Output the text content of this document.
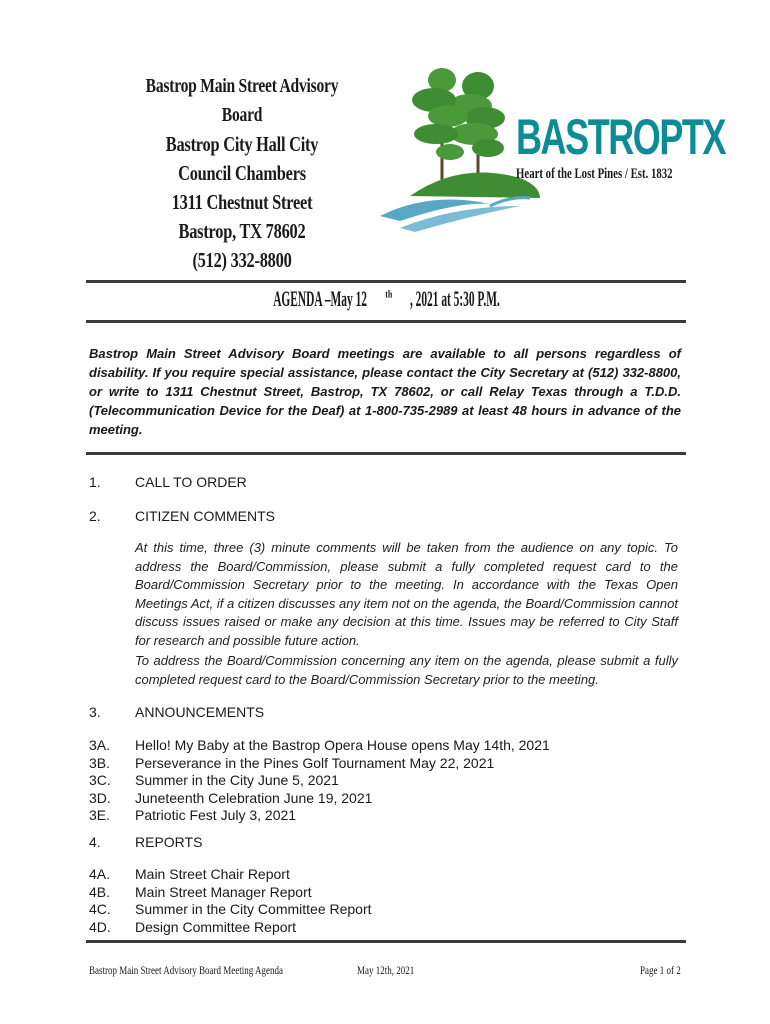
Bastrop Main Street Advisory Board
Bastrop City Hall City
Council Chambers
1311 Chestnut Street
Bastrop, TX 78602
(512) 332-8800
BASTROPTX
Heart of the Lost Pines / Est. 1832
AGENDA –May 12 $^{th}$ , 2021 at 5:30 P.M.
Bastrop Main Street Advisory Board meetings are available to all persons regardless of disability. If you require special assistance, please contact the City Secretary at (512) 332-8800, or write to 1311 Chestnut Street, Bastrop, TX 78602, or call Relay Texas through a T.D.D. (Telecommunication Device for the Deaf) at 1-800-735-2989 at least 48 hours in advance of the meeting.
1. CALL TO ORDER
2. CITIZEN COMMENTS
At this time, three (3) minute comments will be taken from the audience on any topic. To address the Board/Commission, please submit a fully completed request card to the Board/Commission Secretary prior to the meeting. In accordance with the Texas Open Meetings Act, if a citizen discusses any item not on the agenda, the Board/Commission cannot discuss issues raised or make any decision at this time. Issues may be referred to City Staff for research and possible future action.
To address the Board/Commission concerning any item on the agenda, please submit a fully completed request card to the Board/Commission Secretary prior to the meeting.
3. ANNOUNCEMENTS
3A. Hello! My Baby at the Bastrop Opera House opens May 14th, 2021
3B. Perseverance in the Pines Golf Tournament May 22, 2021
3C. Summer in the City June 5, 2021
3D. Juneteenth Celebration June 19, 2021
3E. Patriotic Fest July 3, 2021
4. REPORTS
4A. Main Street Chair Report
4B. Main Street Manager Report
4C. Summer in the City Committee Report
4D. Design Committee Report
Bastrop Main Street Advisory Board Meeting Agenda	May 12th, 2021	Page 1 of 2
